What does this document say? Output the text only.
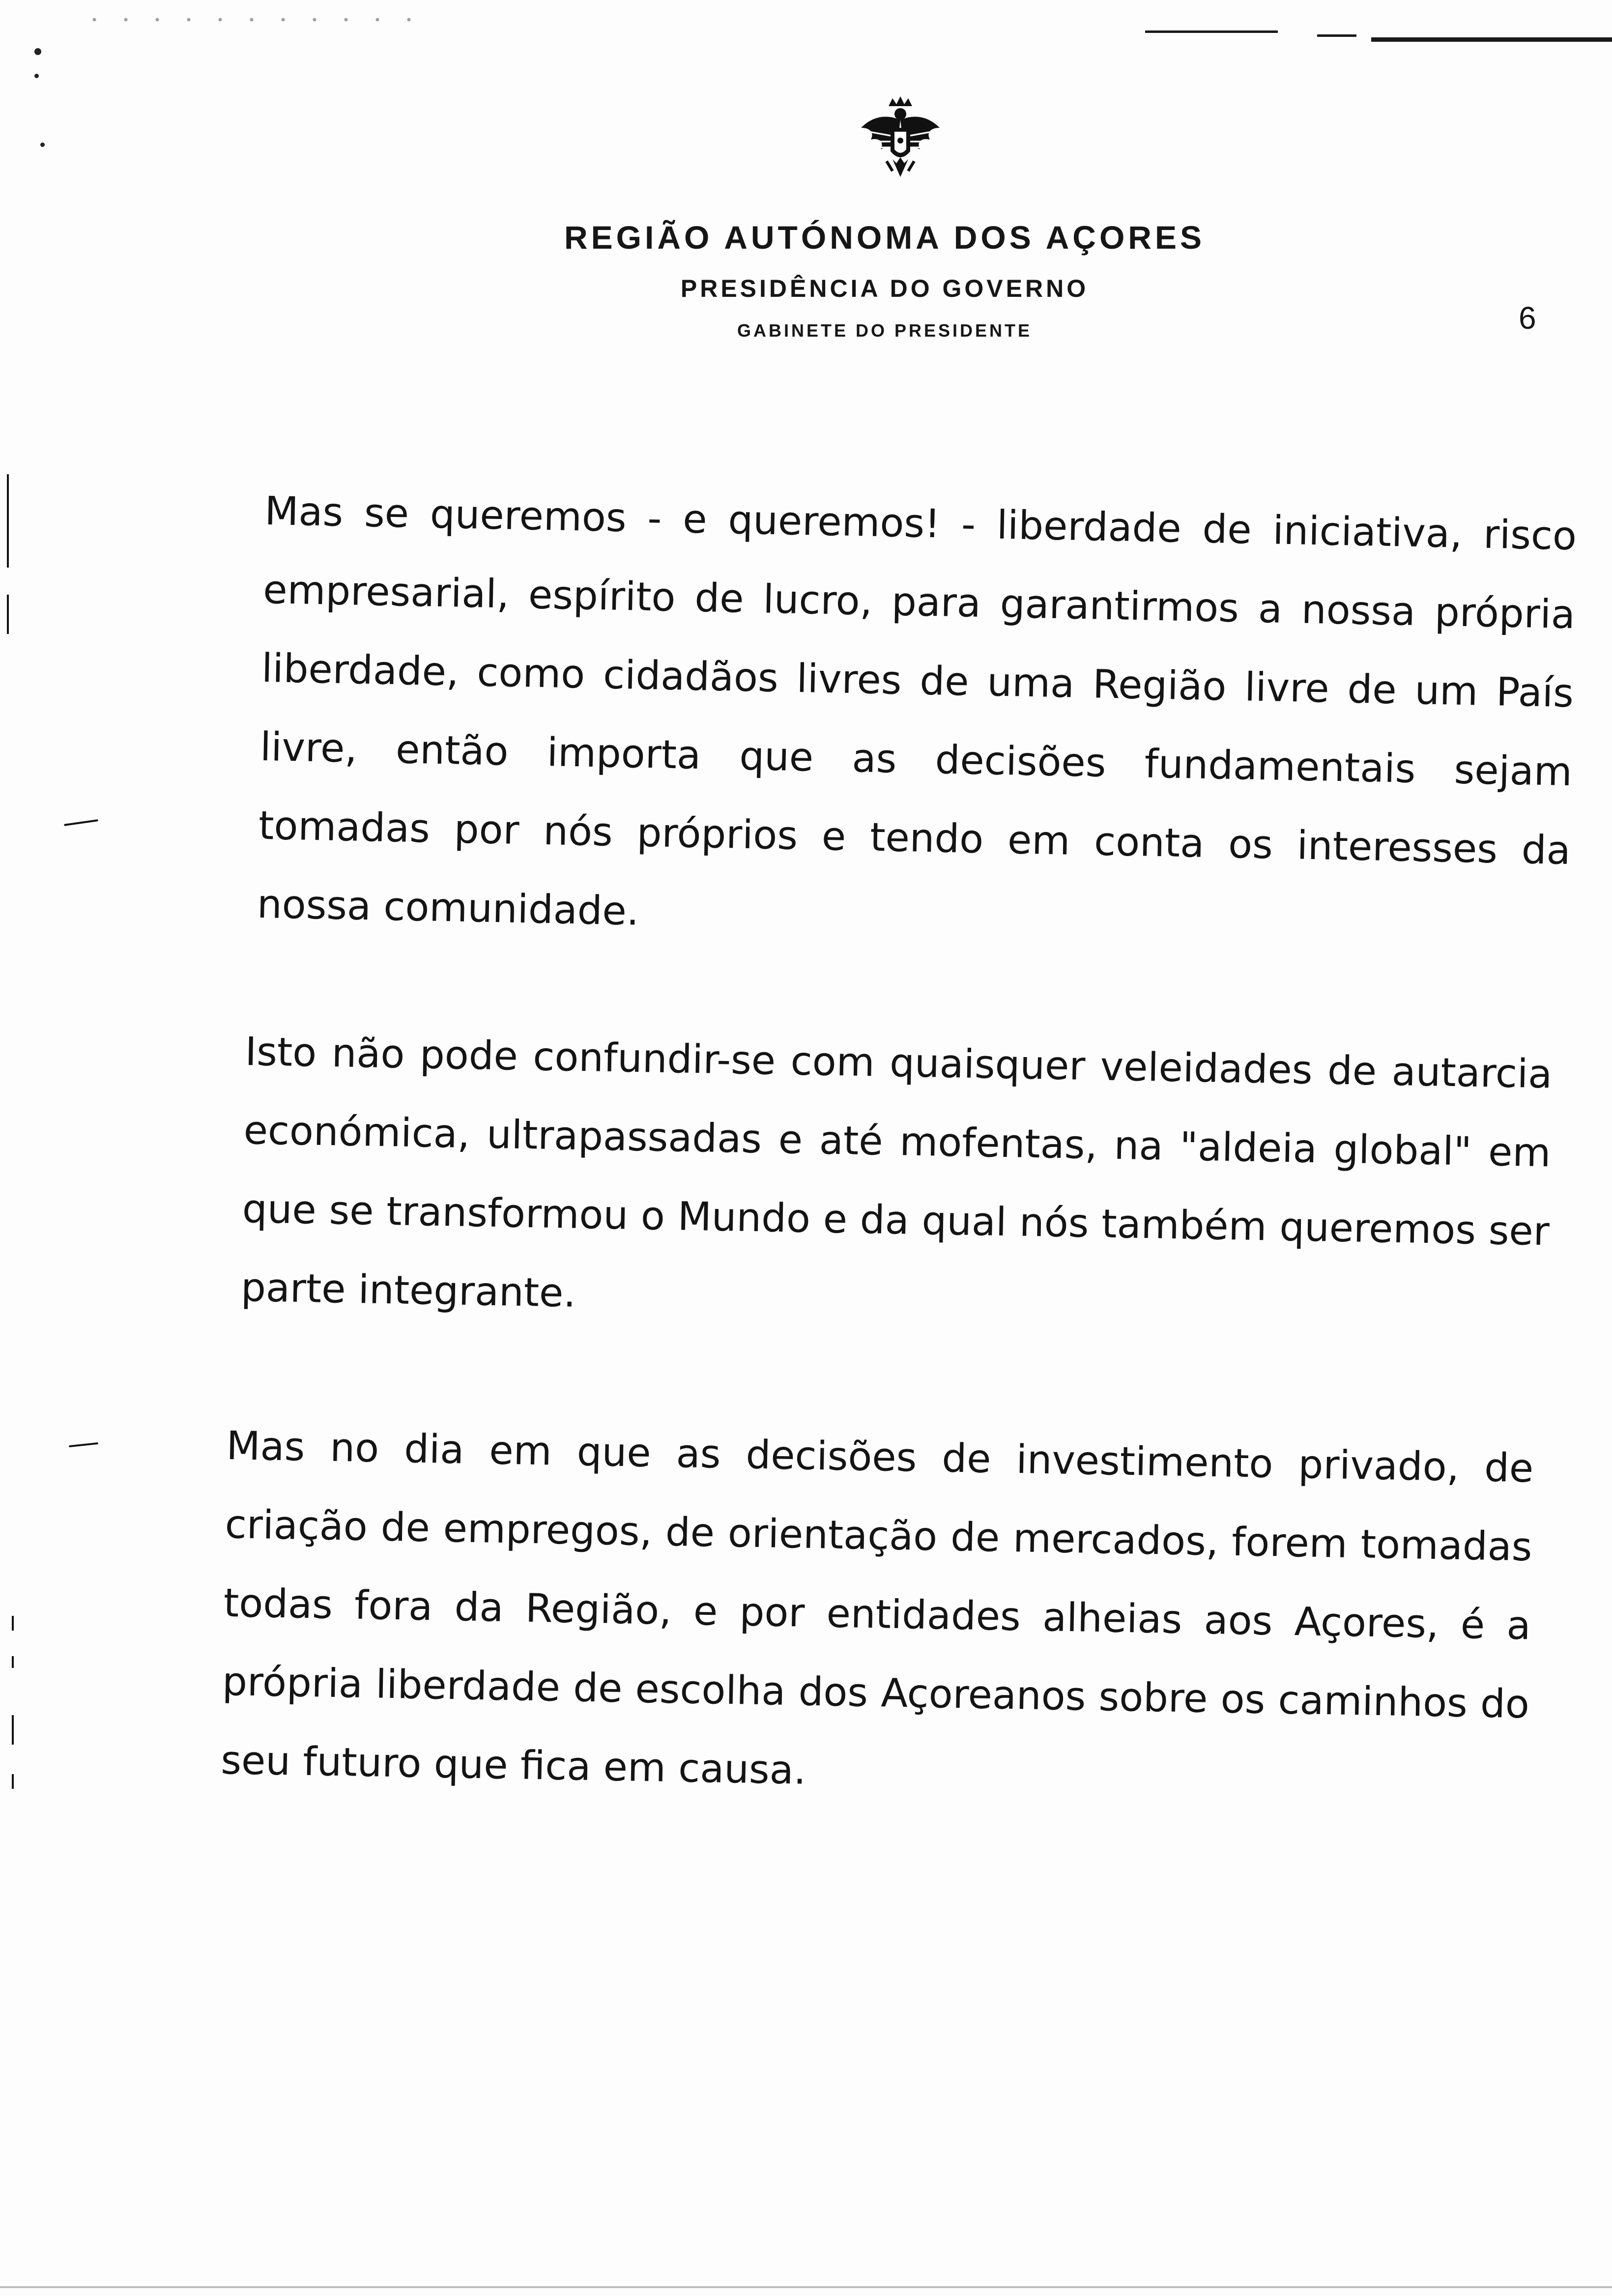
REGIÃO AUTÓNOMA DOS AÇORES
PRESIDÊNCIA DO GOVERNO
GABINETE DO PRESIDENTE	6

Mas se queremos - e queremos! - liberdade de iniciativa, risco empresarial, espírito de lucro, para garantirmos a nossa própria liberdade, como cidadãos livres de uma Região livre de um País livre, então importa que as decisões fundamentais sejam tomadas por nós próprios e tendo em conta os interesses da nossa comunidade.

Isto não pode confundir-se com quaisquer veleidades de autarcia económica, ultrapassadas e até mofentas, na "aldeia global" em que se transformou o Mundo e da qual nós também queremos ser parte integrante.

Mas no dia em que as decisões de investimento privado, de criação de empregos, de orientação de mercados, forem tomadas todas fora da Região, e por entidades alheias aos Açores, é a própria liberdade de escolha dos Açoreanos sobre os caminhos do seu futuro que fica em causa.
